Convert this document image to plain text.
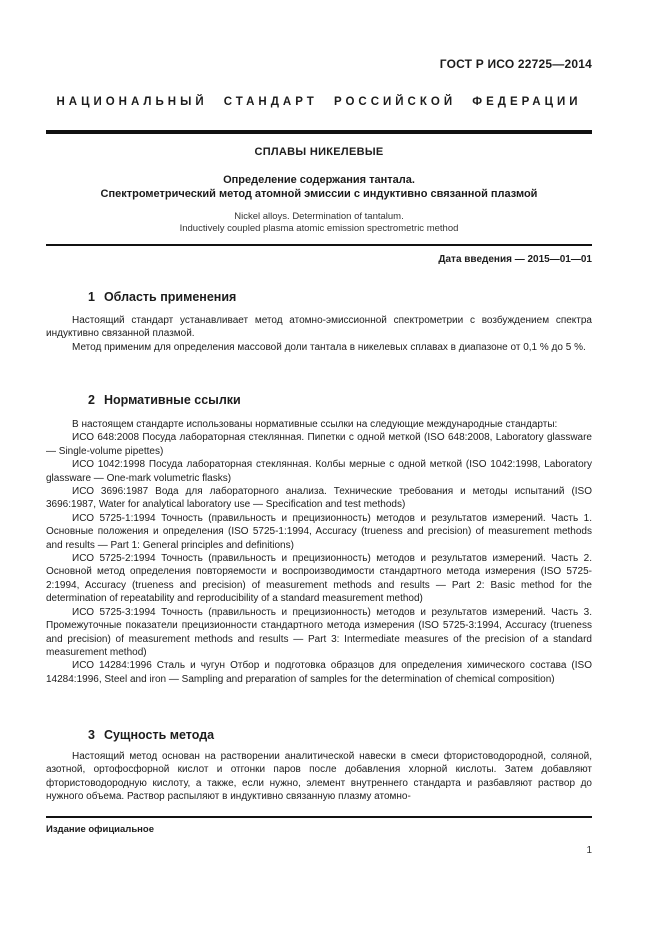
ГОСТ Р ИСО 22725—2014
НАЦИОНАЛЬНЫЙ СТАНДАРТ РОССИЙСКОЙ ФЕДЕРАЦИИ
СПЛАВЫ НИКЕЛЕВЫЕ
Определение содержания тантала.
Спектрометрический метод атомной эмиссии с индуктивно связанной плазмой
Nickel alloys. Determination of tantalum.
Inductively coupled plasma atomic emission spectrometric method
Дата введения — 2015—01—01
1 Область применения

Настоящий стандарт устанавливает метод атомно-эмиссионной спектрометрии с возбуждением спектра индуктивно связанной плазмой.

Метод применим для определения массовой доли тантала в никелевых сплавах в диапазоне от 0,1 % до 5 %.

2 Нормативные ссылки

В настоящем стандарте использованы нормативные ссылки на следующие международные стандарты:

ИСО 648:2008 Посуда лабораторная стеклянная. Пипетки с одной меткой (ISO 648:2008, Laboratory glassware — Single-volume pipettes)

ИСО 1042:1998 Посуда лабораторная стеклянная. Колбы мерные с одной меткой (ISO 1042:1998, Laboratory glassware — One-mark volumetric flasks)

ИСО 3696:1987 Вода для лабораторного анализа. Технические требования и методы испытаний (ISO 3696:1987, Water for analytical laboratory use — Specification and test methods)

ИСО 5725-1:1994 Точность (правильность и прецизионность) методов и результатов измерений. Часть 1. Основные положения и определения (ISO 5725-1:1994, Accuracy (trueness and precision) of measurement methods and results — Part 1: General principles and definitions)

ИСО 5725-2:1994 Точность (правильность и прецизионность) методов и результатов измерений. Часть 2. Основной метод определения повторяемости и воспроизводимости стандартного метода измерения (ISO 5725-2:1994, Accuracy (trueness and precision) of measurement methods and results — Part 2: Basic method for the determination of repeatability and reproducibility of a standard measurement method)

ИСО 5725-3:1994 Точность (правильность и прецизионность) методов и результатов измерений. Часть 3. Промежуточные показатели прецизионности стандартного метода измерения (ISO 5725-3:1994, Accuracy (trueness and precision) of measurement methods and results — Part 3: Intermediate measures of the precision of a standard measurement method)

ИСО 14284:1996 Сталь и чугун Отбор и подготовка образцов для определения химического состава (ISO 14284:1996, Steel and iron — Sampling and preparation of samples for the determination of chemical composition)

3 Сущность метода

Настоящий метод основан на растворении аналитической навески в смеси фтористоводородной, соляной, азотной, ортофосфорной кислот и отгонки паров после добавления хлорной кислоты. Затем добавляют фтористоводородную кислоту, а также, если нужно, элемент внутреннего стандарта и разбавляют раствор до нужного объема. Раствор распыляют в индуктивно связанную плазму атомно-

Издание официальное
1
